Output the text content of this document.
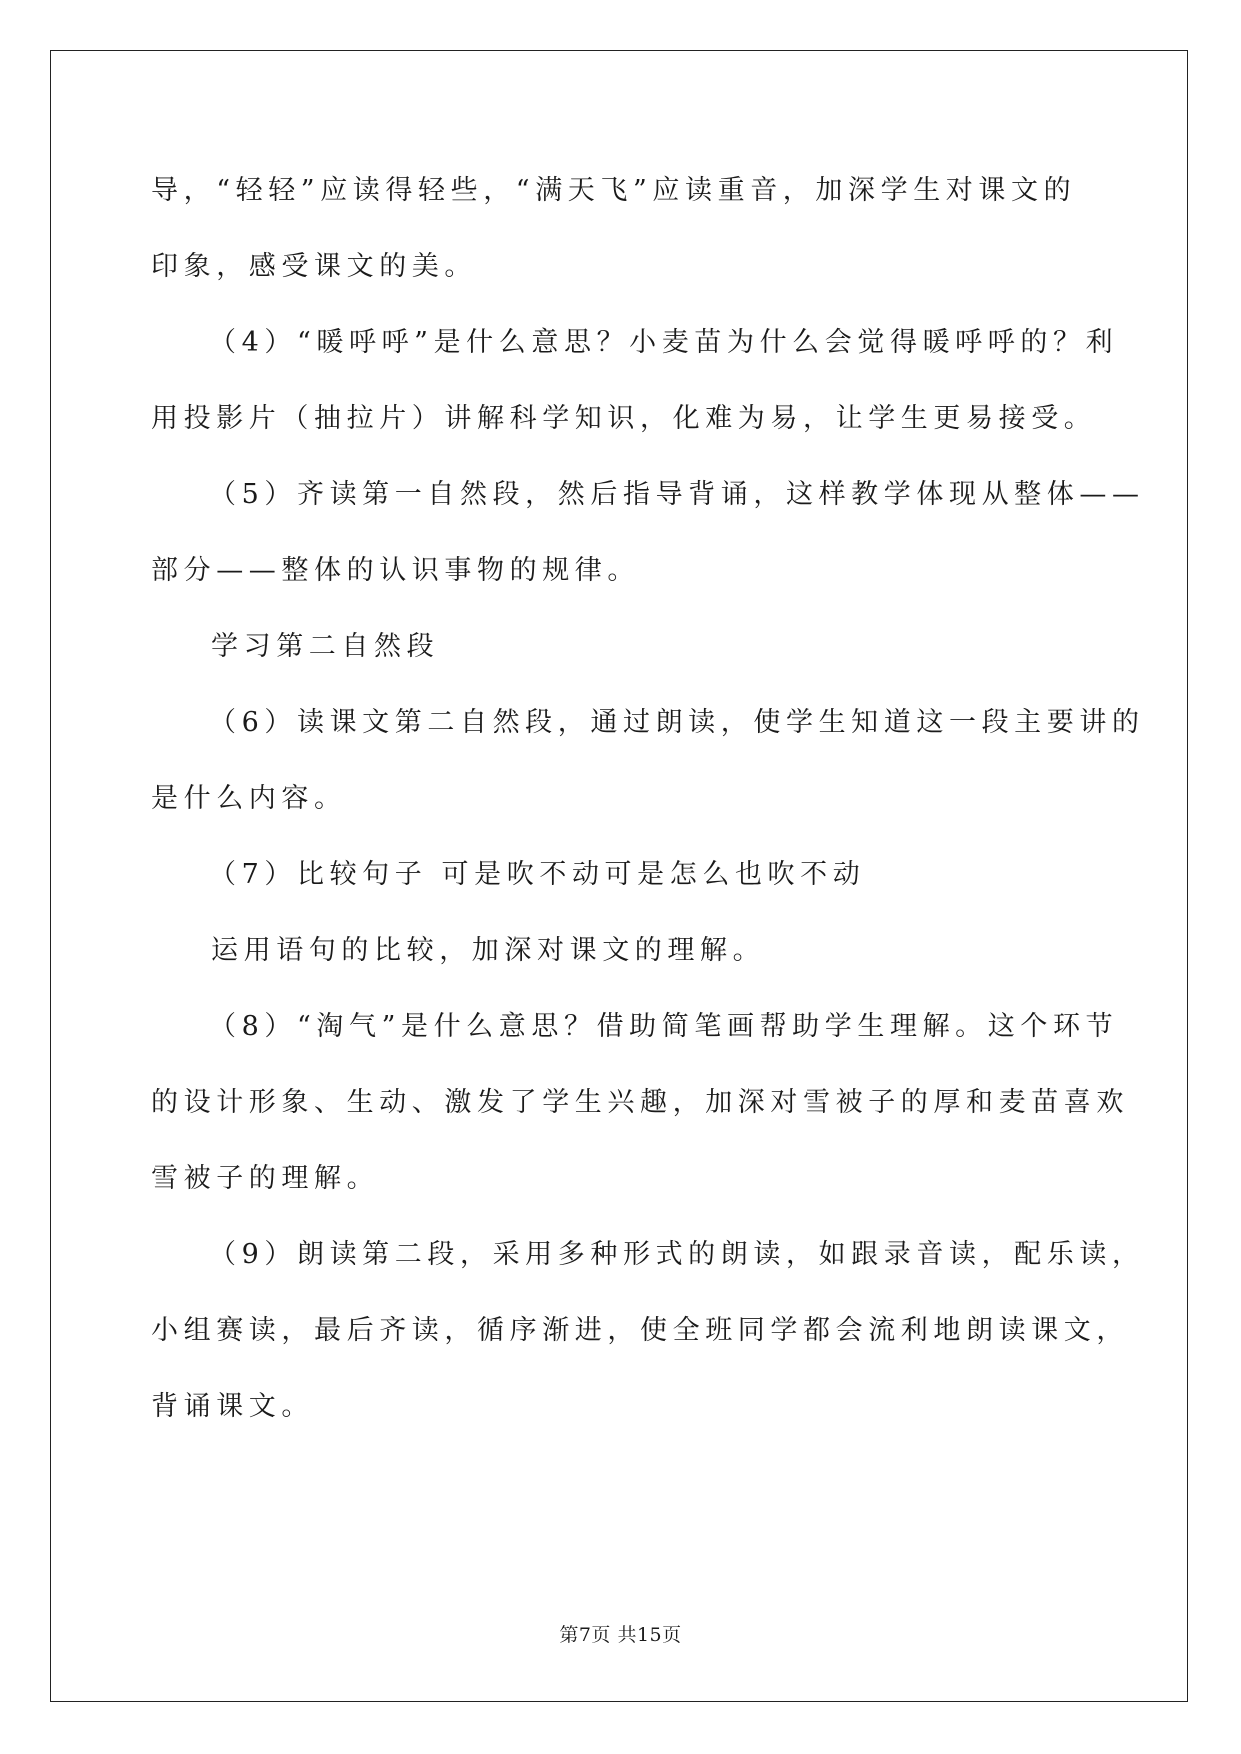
导，“轻轻”应读得轻些，“满天飞”应读重音，加深学生对课文的
印象，感受课文的美。
（4）“暖呼呼”是什么意思？小麦苗为什么会觉得暖呼呼的？利
用投影片（抽拉片）讲解科学知识，化难为易，让学生更易接受。
（5）齐读第一自然段，然后指导背诵，这样教学体现从整体——
部分——整体的认识事物的规律。
学习第二自然段
（6）读课文第二自然段，通过朗读，使学生知道这一段主要讲的
是什么内容。
（7）比较句子 可是吹不动可是怎么也吹不动
运用语句的比较，加深对课文的理解。
（8）“淘气”是什么意思？借助简笔画帮助学生理解。这个环节
的设计形象、生动、激发了学生兴趣，加深对雪被子的厚和麦苗喜欢
雪被子的理解。
（9）朗读第二段，采用多种形式的朗读，如跟录音读，配乐读，
小组赛读，最后齐读，循序渐进，使全班同学都会流利地朗读课文，
背诵课文。
第7页 共15页
